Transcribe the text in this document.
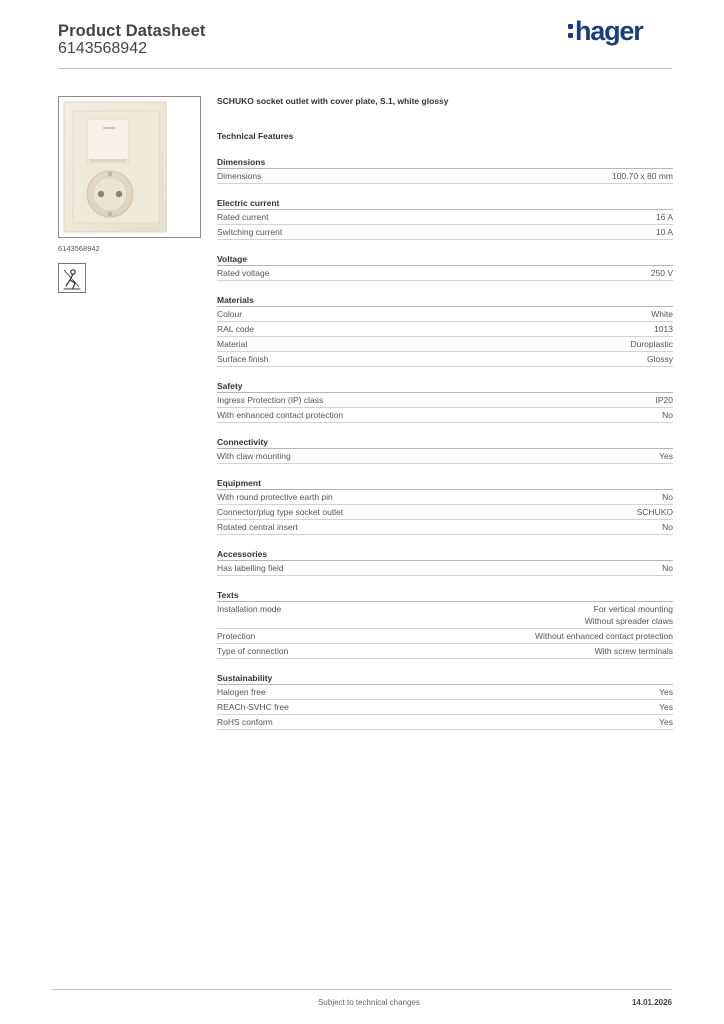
Product Datasheet
6143568942
hager
6143568942
SCHUKO socket outlet with cover plate, S.1, white glossy
Technical Features
Dimensions
Dimensions	100.70 x 80 mm
Electric current
Rated current	16 A
Switching current	10 A
Voltage
Rated voltage	250 V
Materials
Colour	White
RAL code	1013
Material	Duroplastic
Surface finish	Glossy
Safety
Ingress Protection (IP) class	IP20
With enhanced contact protection	No
Connectivity
With claw mounting	Yes
Equipment
With round protective earth pin	No
Connector/plug type socket outlet	SCHUKO
Rotated central insert	No
Accessories
Has labelling field	No
Texts
Installation mode	For vertical mounting
Without spreader claws
Protection	Without enhanced contact protection
Type of connection	With screw terminals
Sustainability
Halogen free	Yes
REACh-SVHC free	Yes
RoHS conform	Yes
Subject to technical changes	14.01.2026
